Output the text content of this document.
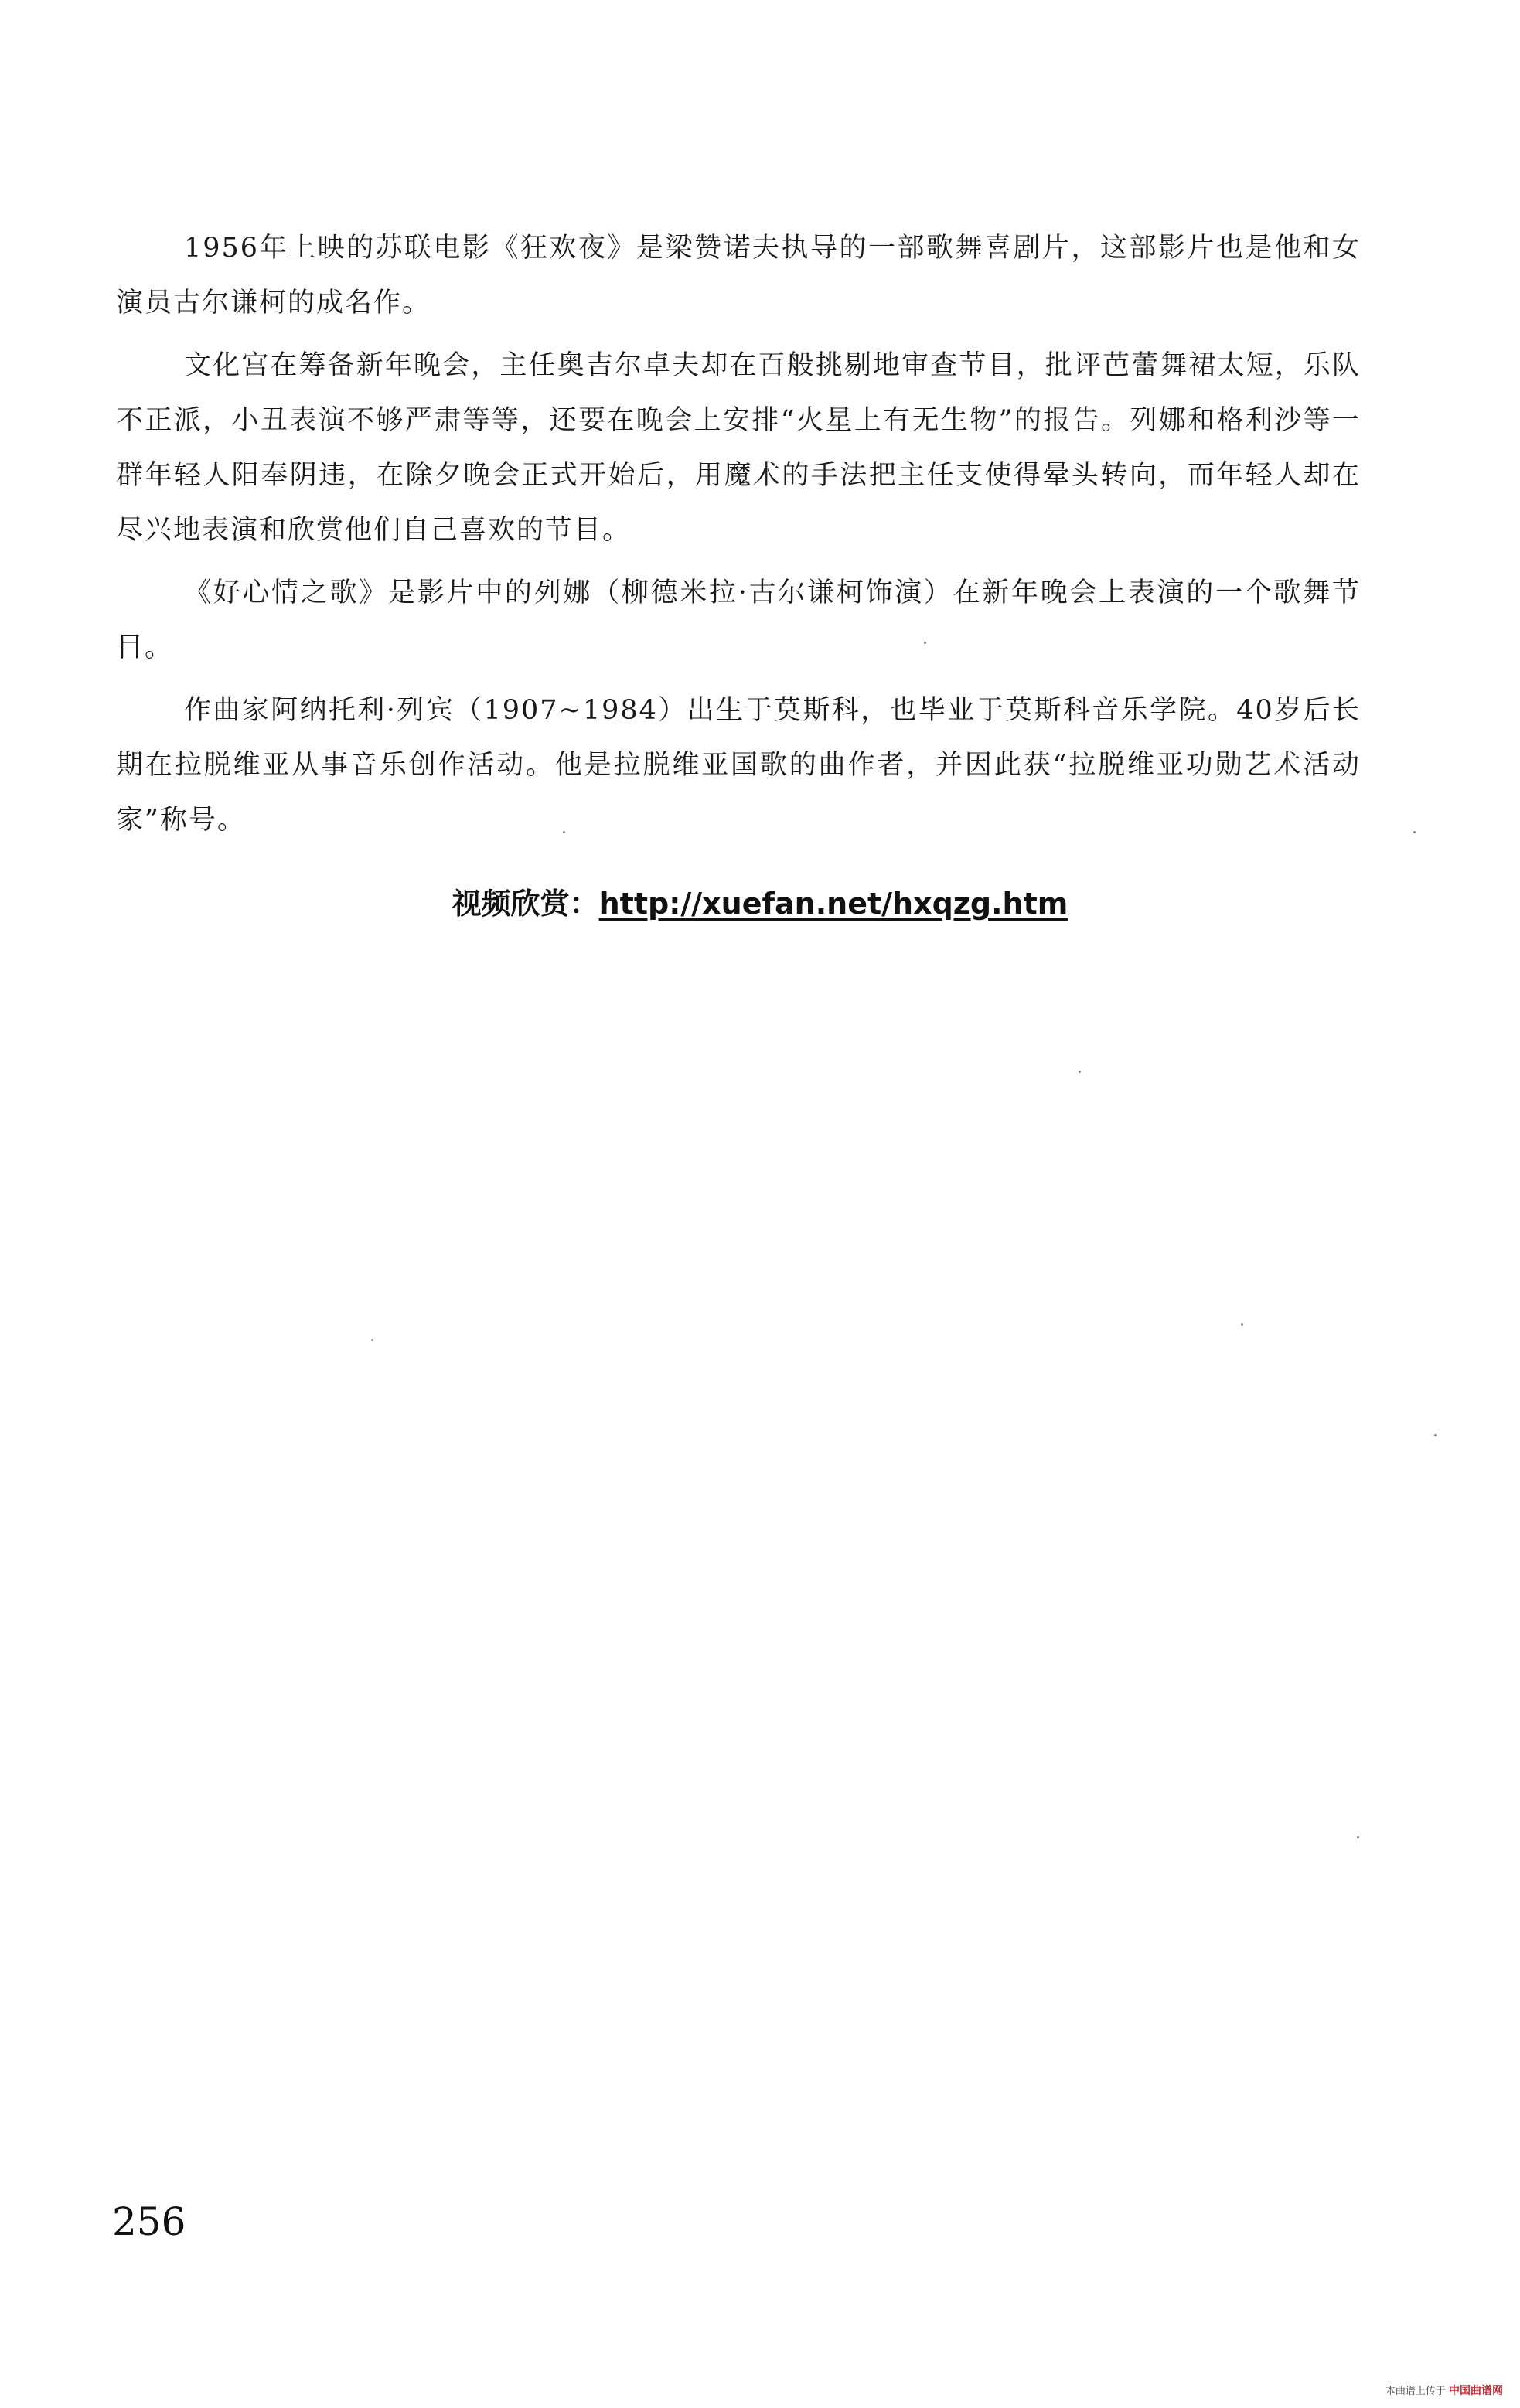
1956年上映的苏联电影《狂欢夜》是梁赞诺夫执导的一部歌舞喜剧片，这部影片也是他和女演员古尔谦柯的成名作。

文化宫在筹备新年晚会，主任奥吉尔卓夫却在百般挑剔地审查节目，批评芭蕾舞裙太短，乐队不正派，小丑表演不够严肃等等，还要在晚会上安排“火星上有无生物”的报告。列娜和格利沙等一群年轻人阳奉阴违，在除夕晚会正式开始后，用魔术的手法把主任支使得晕头转向，而年轻人却在尽兴地表演和欣赏他们自己喜欢的节目。

《好心情之歌》是影片中的列娜（柳德米拉·古尔谦柯饰演）在新年晚会上表演的一个歌舞节目。

作曲家阿纳托利·列宾（1907~1984）出生于莫斯科，也毕业于莫斯科音乐学院。40岁后长期在拉脱维亚从事音乐创作活动。他是拉脱维亚国歌的曲作者，并因此获“拉脱维亚功勋艺术活动家”称号。

视频欣赏：http://xuefan.net/hxqzg.htm
256
本曲谱上传于 中国曲谱网
